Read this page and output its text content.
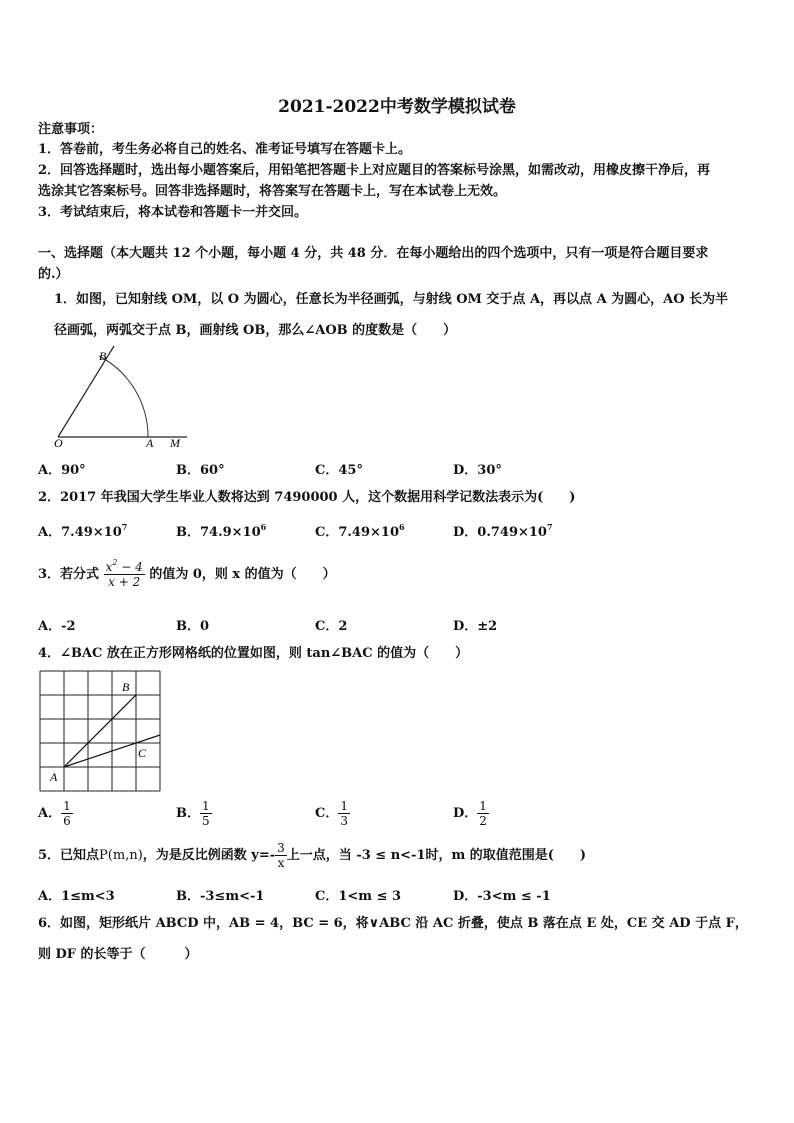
2021-2022中考数学模拟试卷
注意事项：
1．答卷前，考生务必将自己的姓名、准考证号填写在答题卡上。
2．回答选择题时，选出每小题答案后，用铅笔把答题卡上对应题目的答案标号涂黑，如需改动，用橡皮擦干净后，再
选涂其它答案标号。回答非选择题时，将答案写在答题卡上，写在本试卷上无效。
3．考试结束后，将本试卷和答题卡一并交回。
一、选择题（本大题共 12 个小题，每小题 4 分，共 48 分．在每小题给出的四个选项中，只有一项是符合题目要求
的.）
1．如图，已知射线 OM，以 O 为圆心，任意长为半径画弧，与射线 OM 交于点 A，再以点 A 为圆心，AO 长为半
径画弧，两弧交于点 B，画射线 OB，那么∠AOB 的度数是（　　）
B
O	A M
A．90°	B．60°	C．45°	D．30°
2．2017 年我国大学生毕业人数将达到 7490000 人，这个数据用科学记数法表示为(　　)
A．$7.49\times 10^7$	B．$74.9\times 10^6$	C．$7.49\times 10^6$	D．$0.749\times 10^7$
3．若分式 $\frac{x^2 - 4}{x + 2}$ 的值为 0，则 x 的值为（　　）
A．-2	B．0	C．2	D．±2
4．∠BAC 放在正方形网格纸的位置如图，则 tan∠BAC 的值为（　　）
B
C
A
A． $\frac{1}{6}$	B． $\frac{1}{5}$	C． $\frac{1}{3}$	D． $\frac{1}{2}$
5．已知点P(m,n)，为是反比例函数 $y=- \frac{3}{x}$ 上一点，当 -3 ≤ n<-1时，m 的取值范围是(　　)
A．1≤m<3	B．-3≤m<-1	C．1<m ≤ 3	D．-3<m ≤ -1
6．如图，矩形纸片 ABCD 中，AB = 4，BC = 6，将∨ABC 沿 AC 折叠，使点 B 落在点 E 处，CE 交 AD 于点 F，
则 DF 的长等于（　　　）
